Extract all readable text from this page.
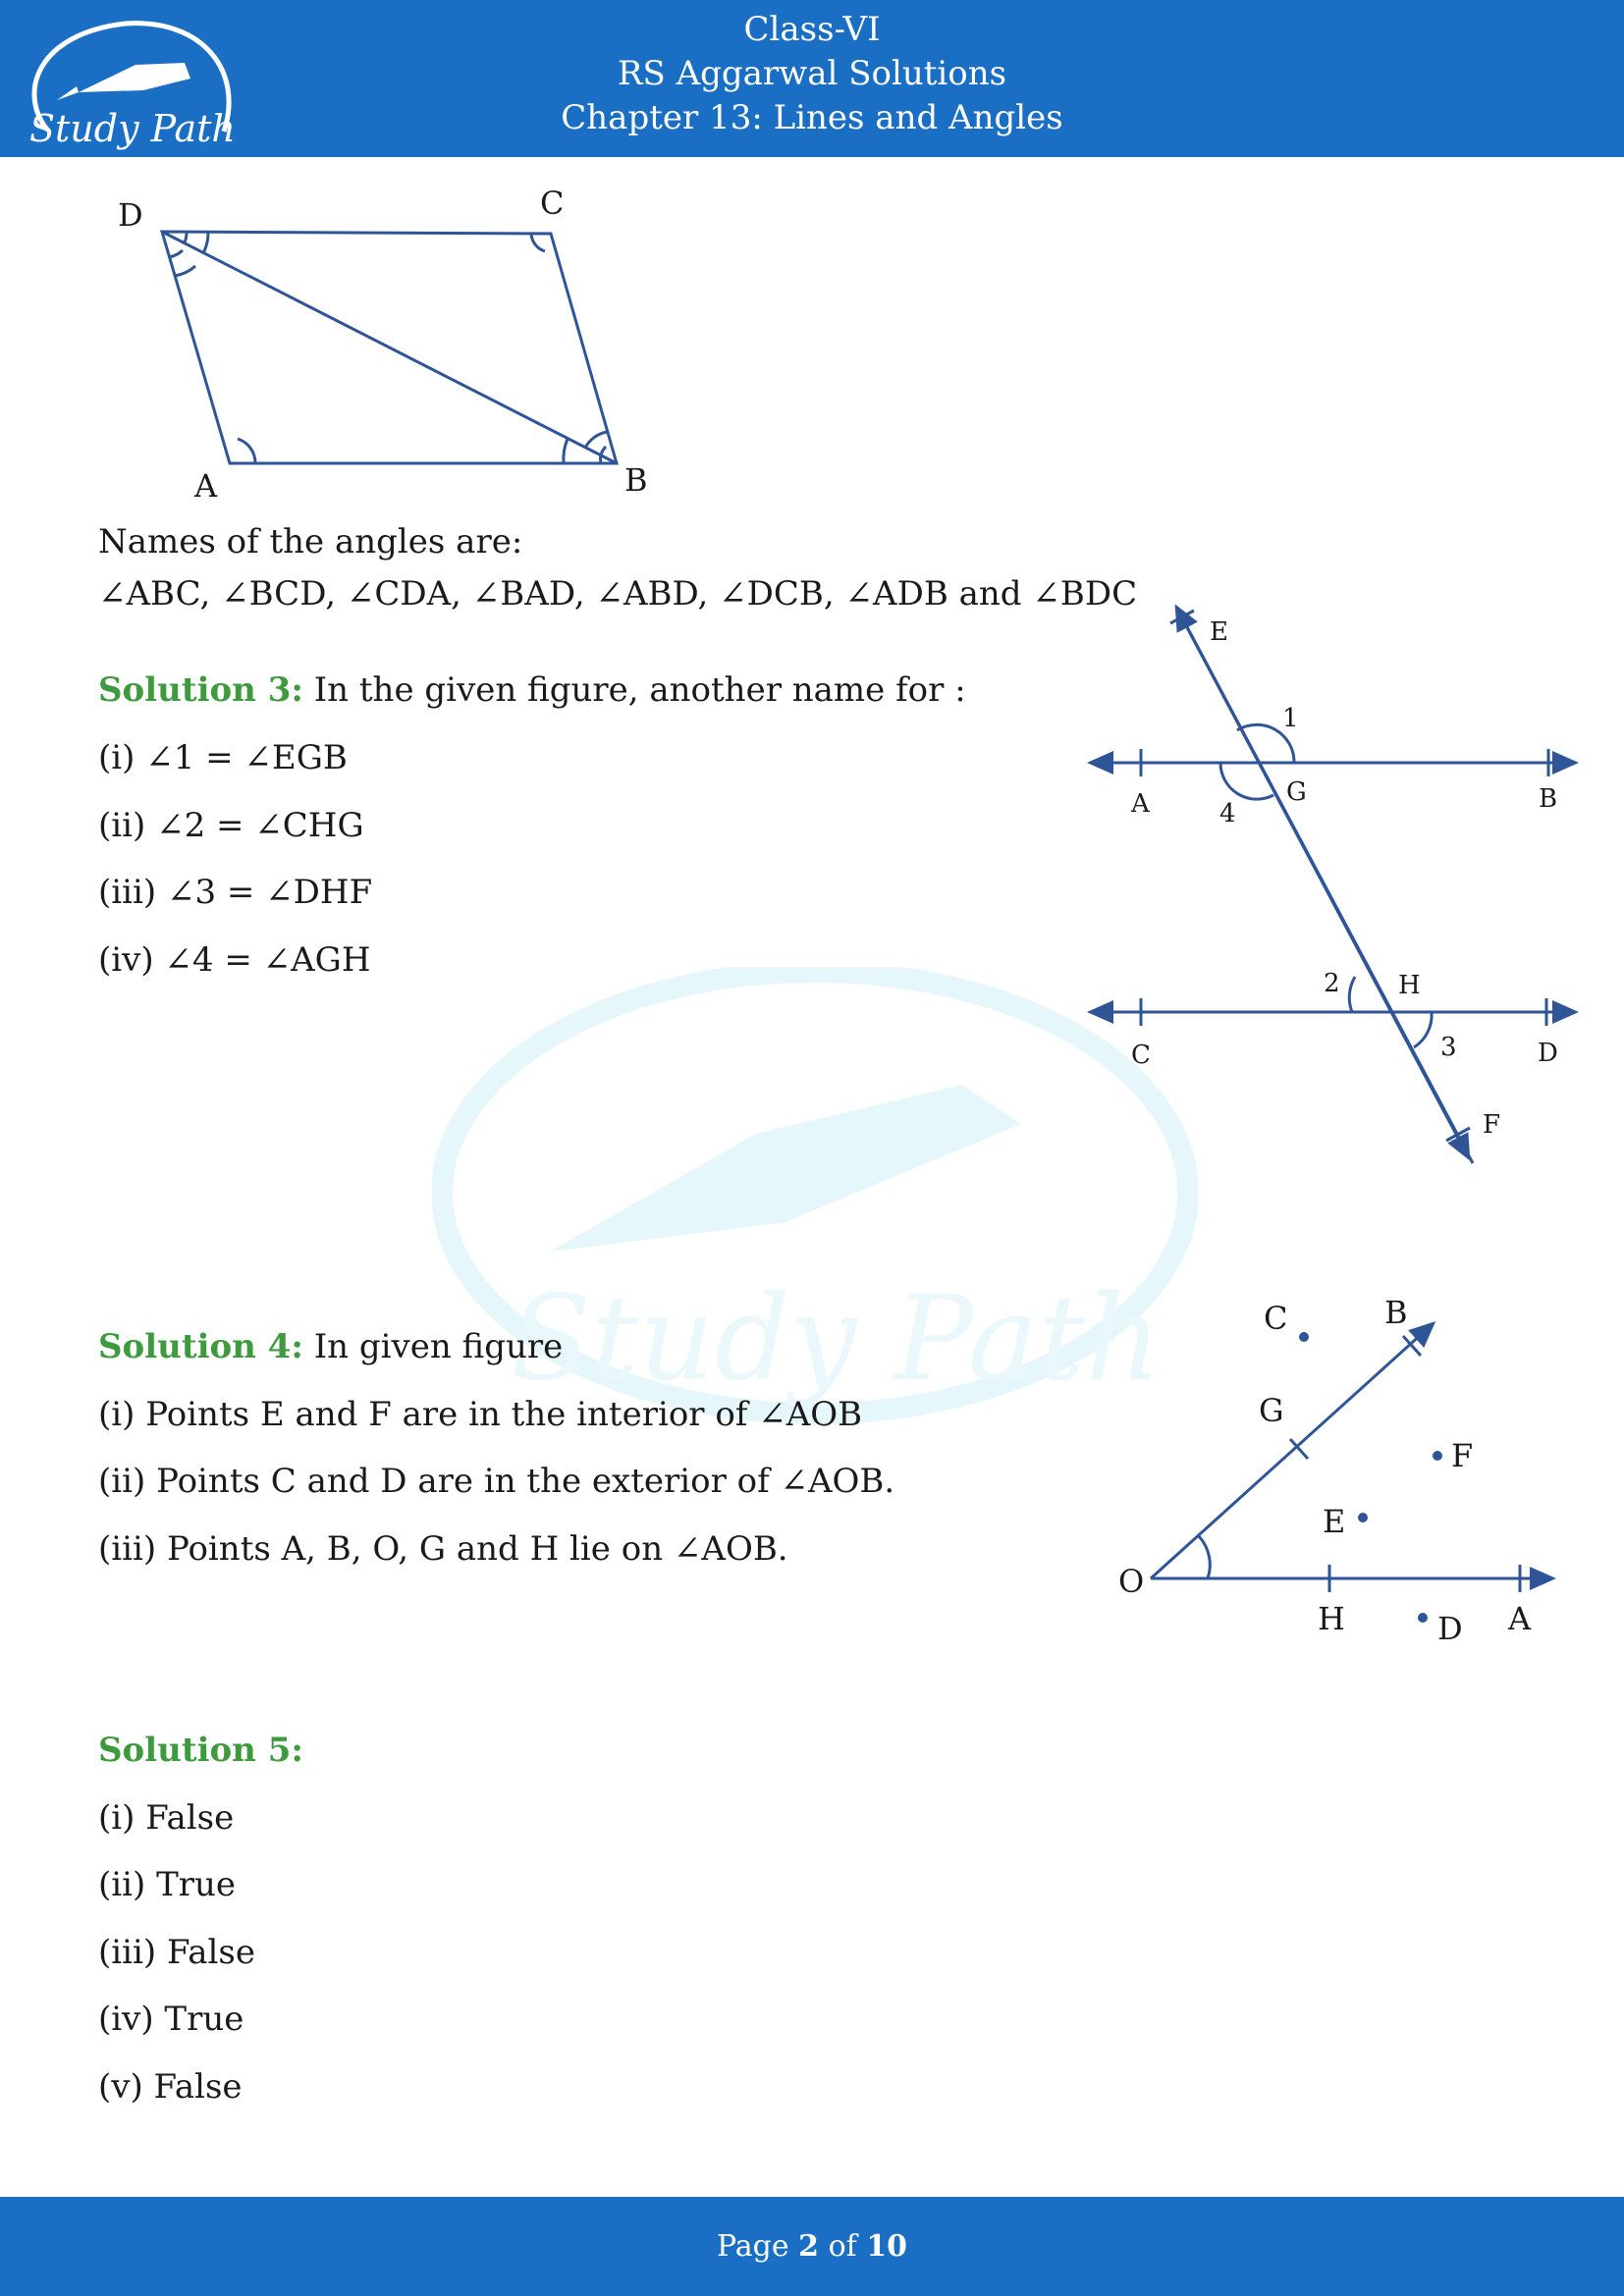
Study Path
Class-VI
RS Aggarwal Solutions
Chapter 13: Lines and Angles
Study Path
D	C
A	B
Names of the angles are:
∠ABC, ∠BCD, ∠CDA, ∠BAD, ∠ABD, ∠DCB, ∠ADB and ∠BDC
Solution 3: In the given figure, another name for :
(i) ∠1 = ∠EGB
(ii) ∠2 = ∠CHG
(iii) ∠3 = ∠DHF
(iv) ∠4 = ∠AGH
E
1
A	4
G	B
2 H
C	3	D
F
Solution 4: In given figure
(i) Points E and F are in the interior of ∠AOB
(ii) Points C and D are in the exterior of ∠AOB.
(iii) Points A, B, O, G and H lie on ∠AOB.
C	B
G
F
E
O
H	D A
Solution 5:
(i) False
(ii) True
(iii) False
(iv) True
(v) False
Page 2 of 10
